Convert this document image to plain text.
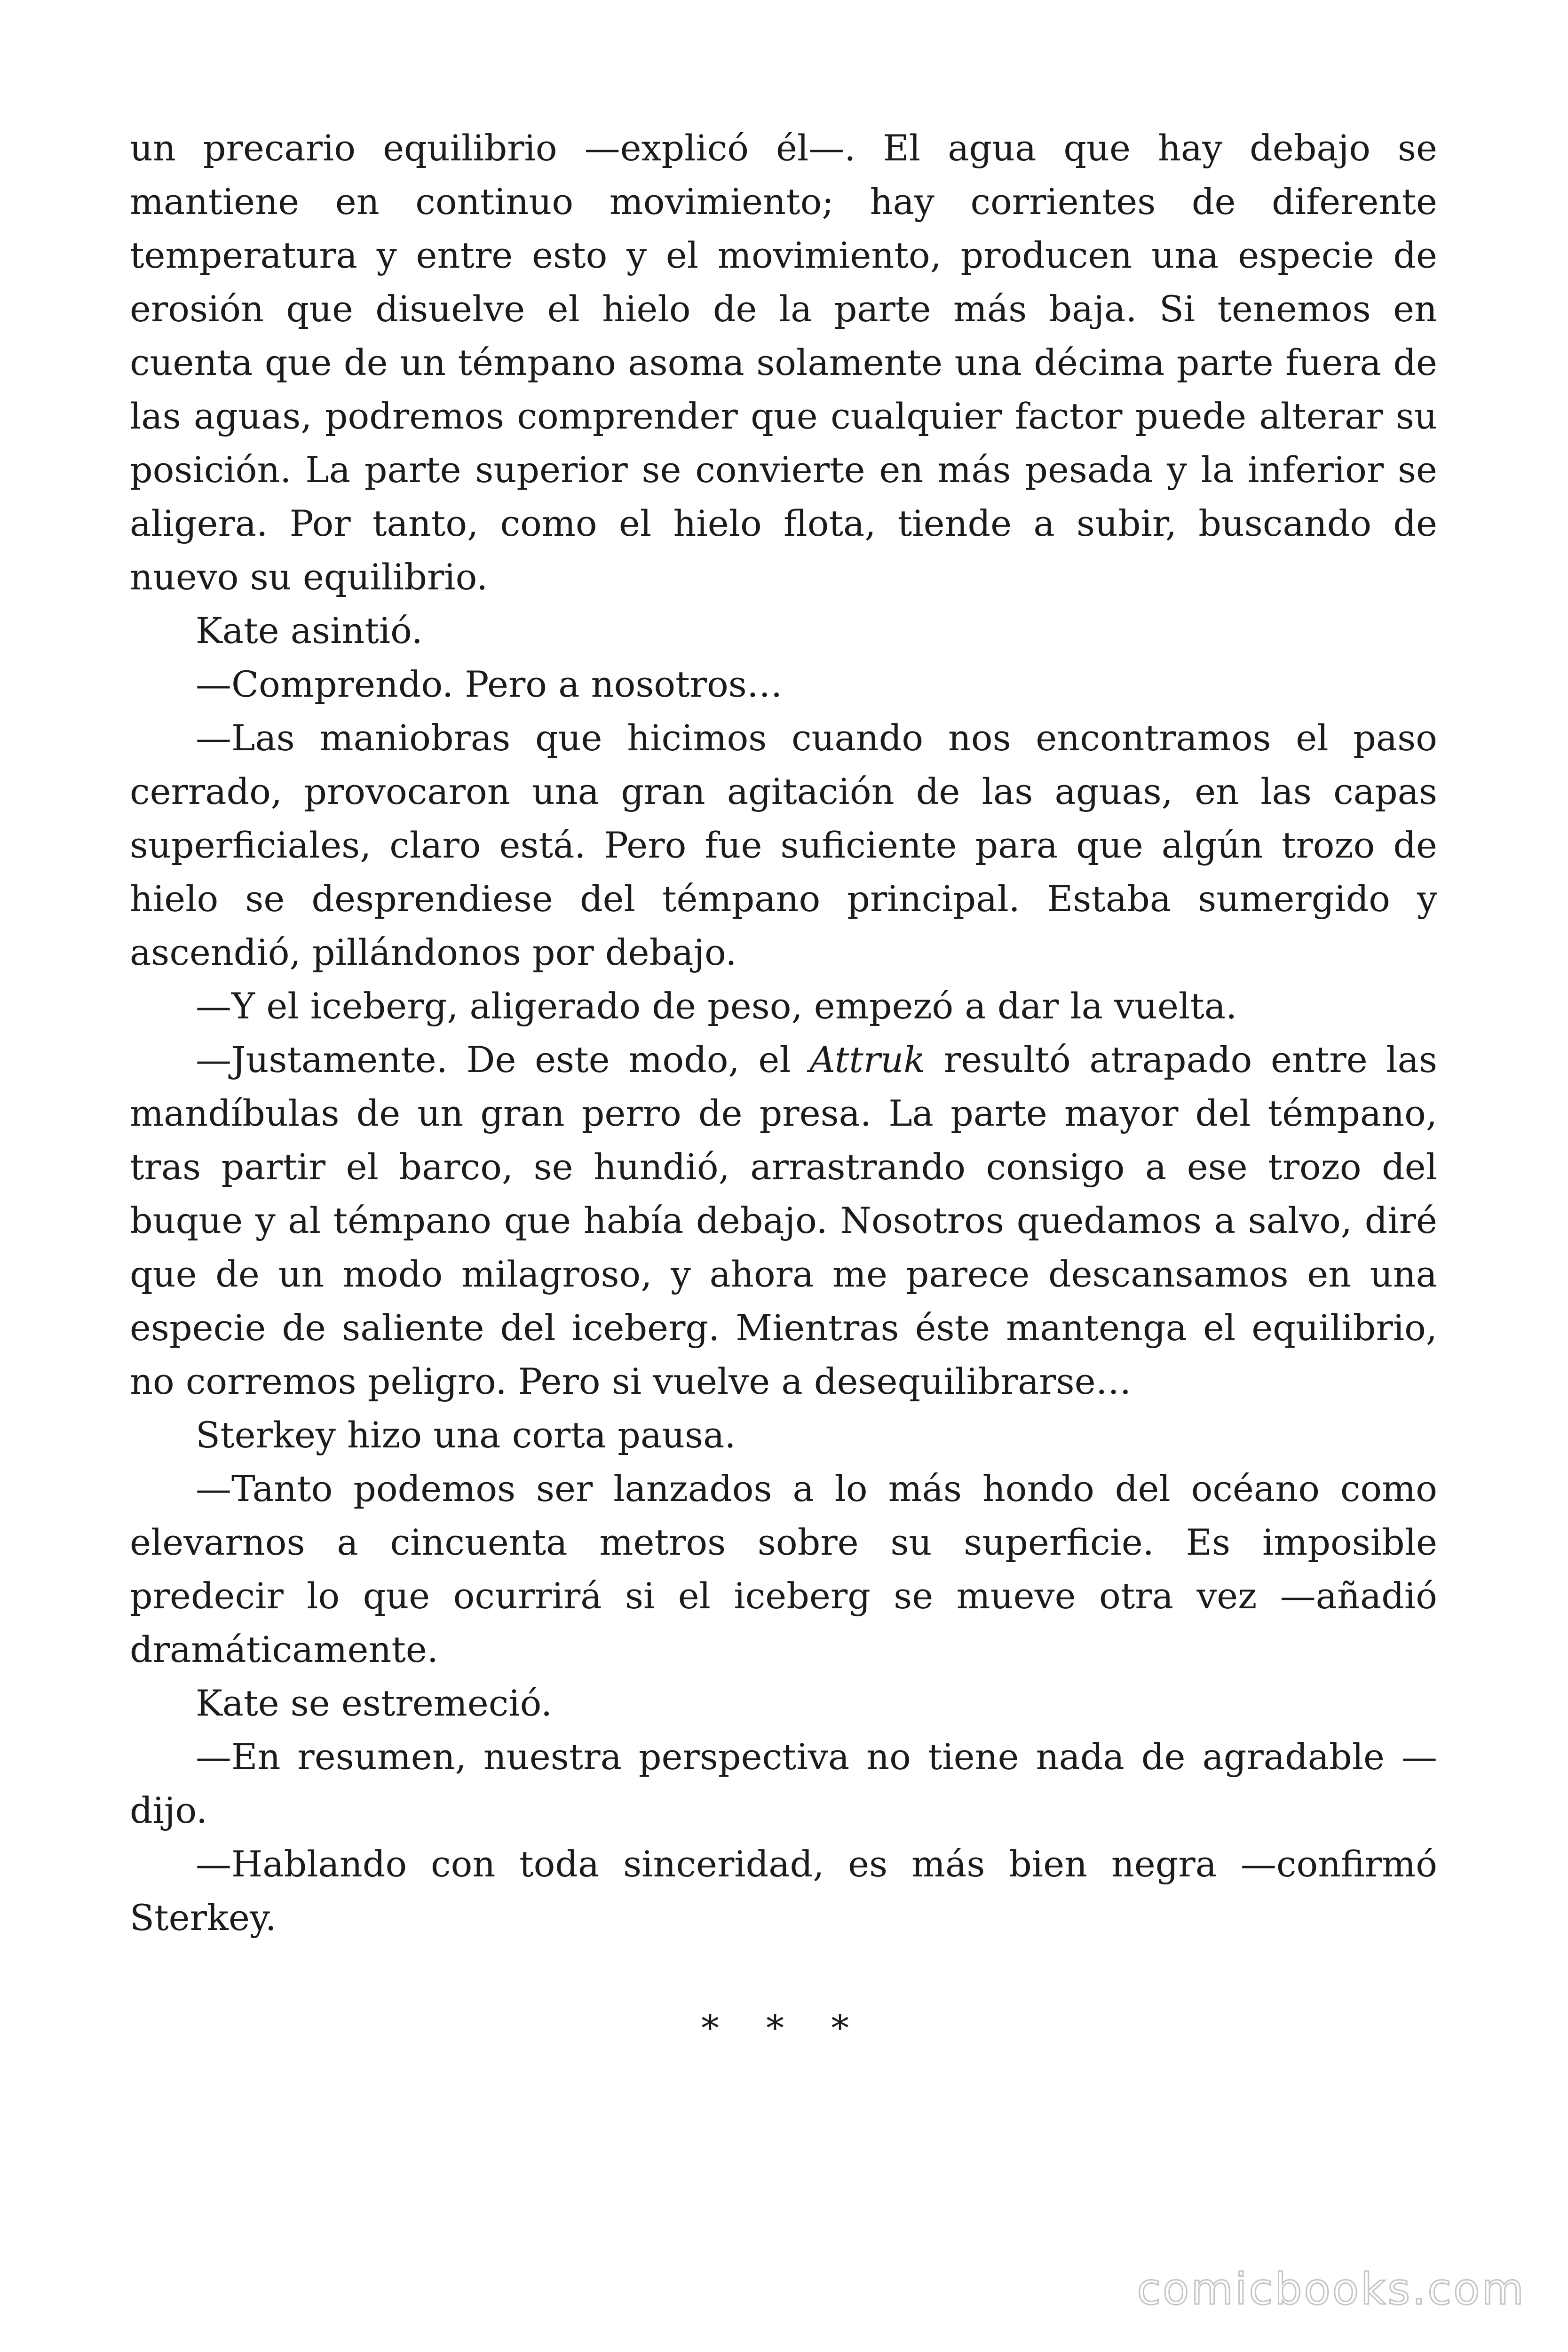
un precario equilibrio —explicó él—. El agua que hay debajo se mantiene en continuo movimiento; hay corrientes de diferente temperatura y entre esto y el movimiento, producen una especie de erosión que disuelve el hielo de la parte más baja. Si tenemos en cuenta que de un témpano asoma solamente una décima parte fuera de las aguas, podremos comprender que cualquier factor puede alterar su posición. La parte superior se convierte en más pesada y la inferior se aligera. Por tanto, como el hielo flota, tiende a subir, buscando de nuevo su equilibrio.

Kate asintió.

—Comprendo. Pero a nosotros…

—Las maniobras que hicimos cuando nos encontramos el paso cerrado, provocaron una gran agitación de las aguas, en las capas superficiales, claro está. Pero fue suficiente para que algún trozo de hielo se desprendiese del témpano principal. Estaba sumergido y ascendió, pillándonos por debajo.

—Y el iceberg, aligerado de peso, empezó a dar la vuelta.

—Justamente. De este modo, el Attruk resultó atrapado entre las mandíbulas de un gran perro de presa. La parte mayor del témpano, tras partir el barco, se hundió, arrastrando consigo a ese trozo del buque y al témpano que había debajo. Nosotros quedamos a salvo, diré que de un modo milagroso, y ahora me parece descansamos en una especie de saliente del iceberg. Mientras éste mantenga el equilibrio, no corremos peligro. Pero si vuelve a desequilibrarse…

Sterkey hizo una corta pausa.

—Tanto podemos ser lanzados a lo más hondo del océano como elevarnos a cincuenta metros sobre su superficie. Es imposible predecir lo que ocurrirá si el iceberg se mueve otra vez —añadió dramáticamente.

Kate se estremeció.

—En resumen, nuestra perspectiva no tiene nada de agradable —dijo.

—Hablando con toda sinceridad, es más bien negra —confirmó Sterkey.

* * *
comicbooks.com
